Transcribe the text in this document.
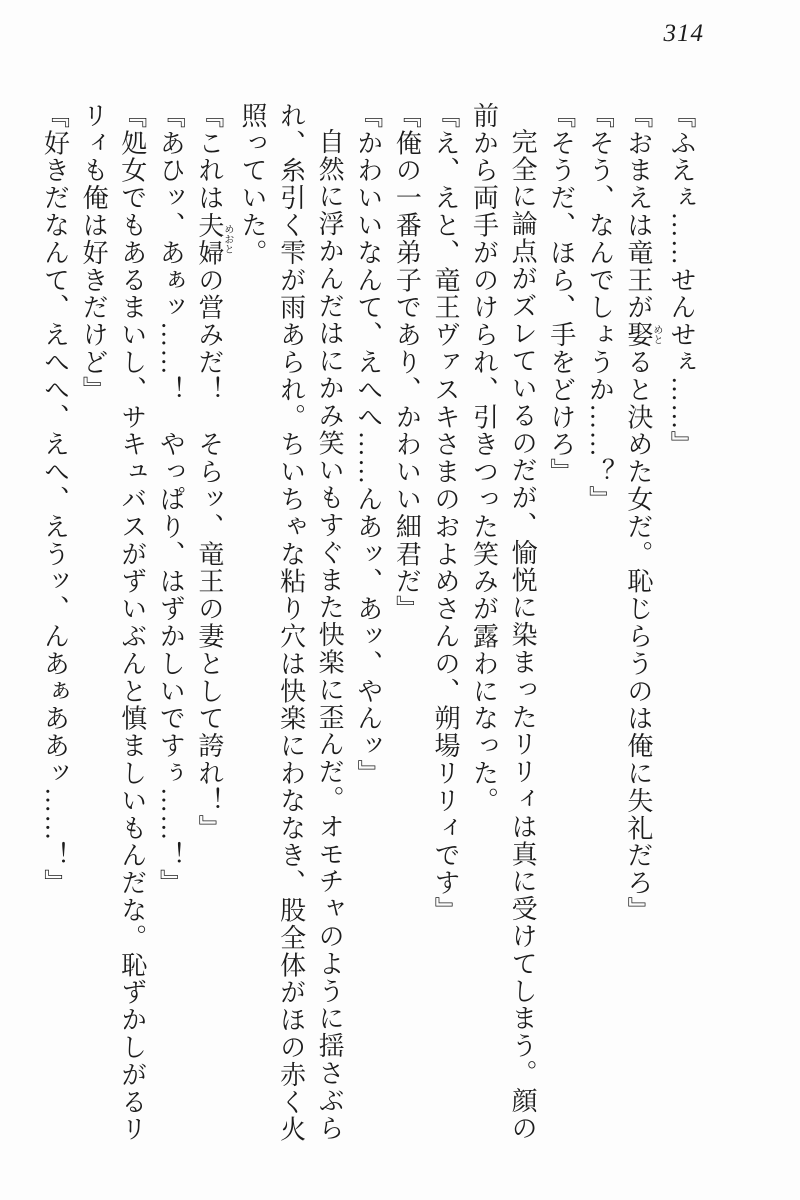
314

『ふえぇ……せんせぇ……』

『おまえは竜王が娶めとると決めた女だ。恥じらうのは俺に失礼だろ』

『そう、なんでしょうか……？』

『そうだ、ほら、手をどけろ』

完全に論点がズレているのだが、愉悦に染まったリリィは真に受けてしまう。顔の

前から両手がのけられ、引きつった笑みが露わになった。

『え、えと、竜王ヴァスキさまのおよめさんの、朔場リリィです』

『俺の一番弟子であり、かわいい細君だ』

『かわいいなんて、えへへ……んあッ、あッ、やんッ』

自然に浮かんだはにかみ笑いもすぐまた快楽に歪んだ。オモチャのように揺さぶら

れ、糸引く雫が雨あられ。ちいちゃな粘り穴は快楽にわななき、股全体がほの赤く火

照っていた。

『これは夫婦めおとの営みだ！　そらッ、竜王の妻として誇れ！』

『あひッ、あぁッ……！　やっぱり、はずかしいですぅ……！』

『処女でもあるまいし、サキュバスがずいぶんと慎ましいもんだな。恥ずかしがるリ

リィも俺は好きだけど』

『好きだなんて、えへへ、えへ、えうッ、んあぁああッ……！』
